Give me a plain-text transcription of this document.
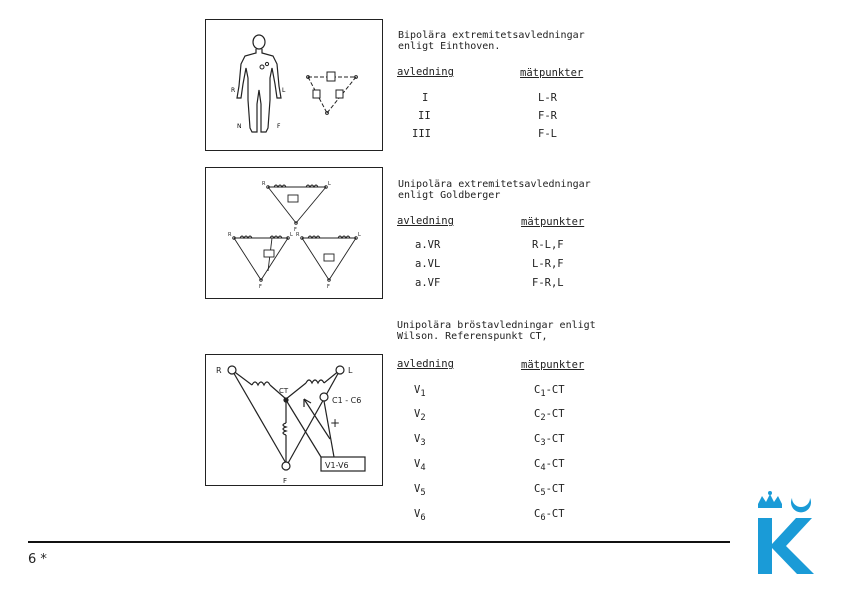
R	L
N	F
Bipolära extremitetsavledningar
enligt Einthoven.
avledning	mätpunkter
I	L-R
II	F-R
III	F-L
R	L
F
R	L
F
R	L
F
Unipolära extremitetsavledningar
enligt Goldberger
avledning	mätpunkter
a.VR	R-L,F
a.VL	L-R,F
a.VF	F-R,L
Unipolära bröstavledningar enligt
Wilson. Referenspunkt CT,
R	L
F
CT
C1 - C6
+
V1-V6
avledning	mätpunkter
$V_1$	$C_1-CT$
$V_2$	$C_2-CT$
$V_3$	$C_3-CT$
$V_4$	$C_4-CT$
$V_5$	$C_5-CT$
$V_6$	$C_6-CT$
6 *
